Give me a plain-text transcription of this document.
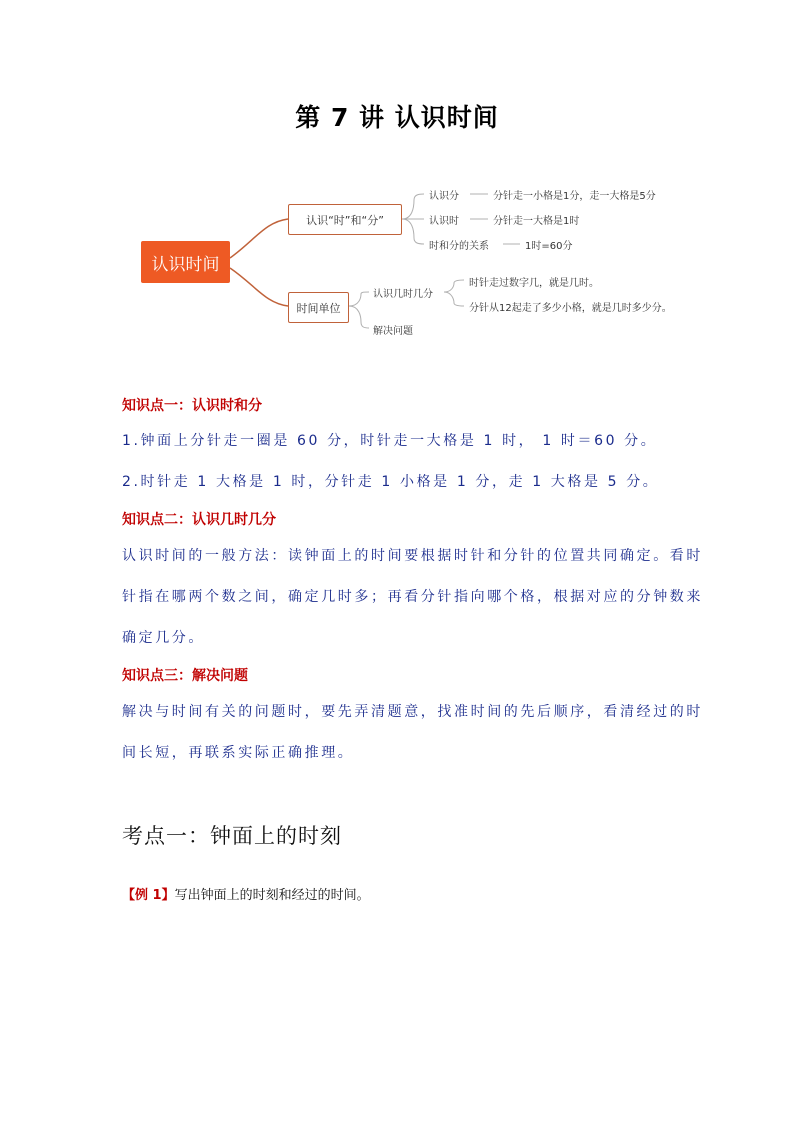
第 7 讲 认识时间
认识时间
认识“时”和“分”
认识分	分针走一小格是1分，走一大格是5分
认识时	分针走一大格是1时
时和分的关系	1时=60分
时间单位
认识几时几分
时针走过数字几，就是几时。
分针从12起走了多少小格，就是几时多少分。
解决问题
知识点一：认识时和分
1.钟面上分针走一圈是 60 分，时针走一大格是 1 时， 1 时＝60 分。
2.时针走 1 大格是 1 时，分针走 1 小格是 1 分，走 1 大格是 5 分。
知识点二：认识几时几分
认识时间的一般方法：读钟面上的时间要根据时针和分针的位置共同确定。看时
针指在哪两个数之间，确定几时多；再看分针指向哪个格，根据对应的分钟数来
确定几分。
知识点三：解决问题
解决与时间有关的问题时，要先弄清题意，找准时间的先后顺序，看清经过的时
间长短，再联系实际正确推理。
考点一：钟面上的时刻
【例 1】写出钟面上的时刻和经过的时间。
